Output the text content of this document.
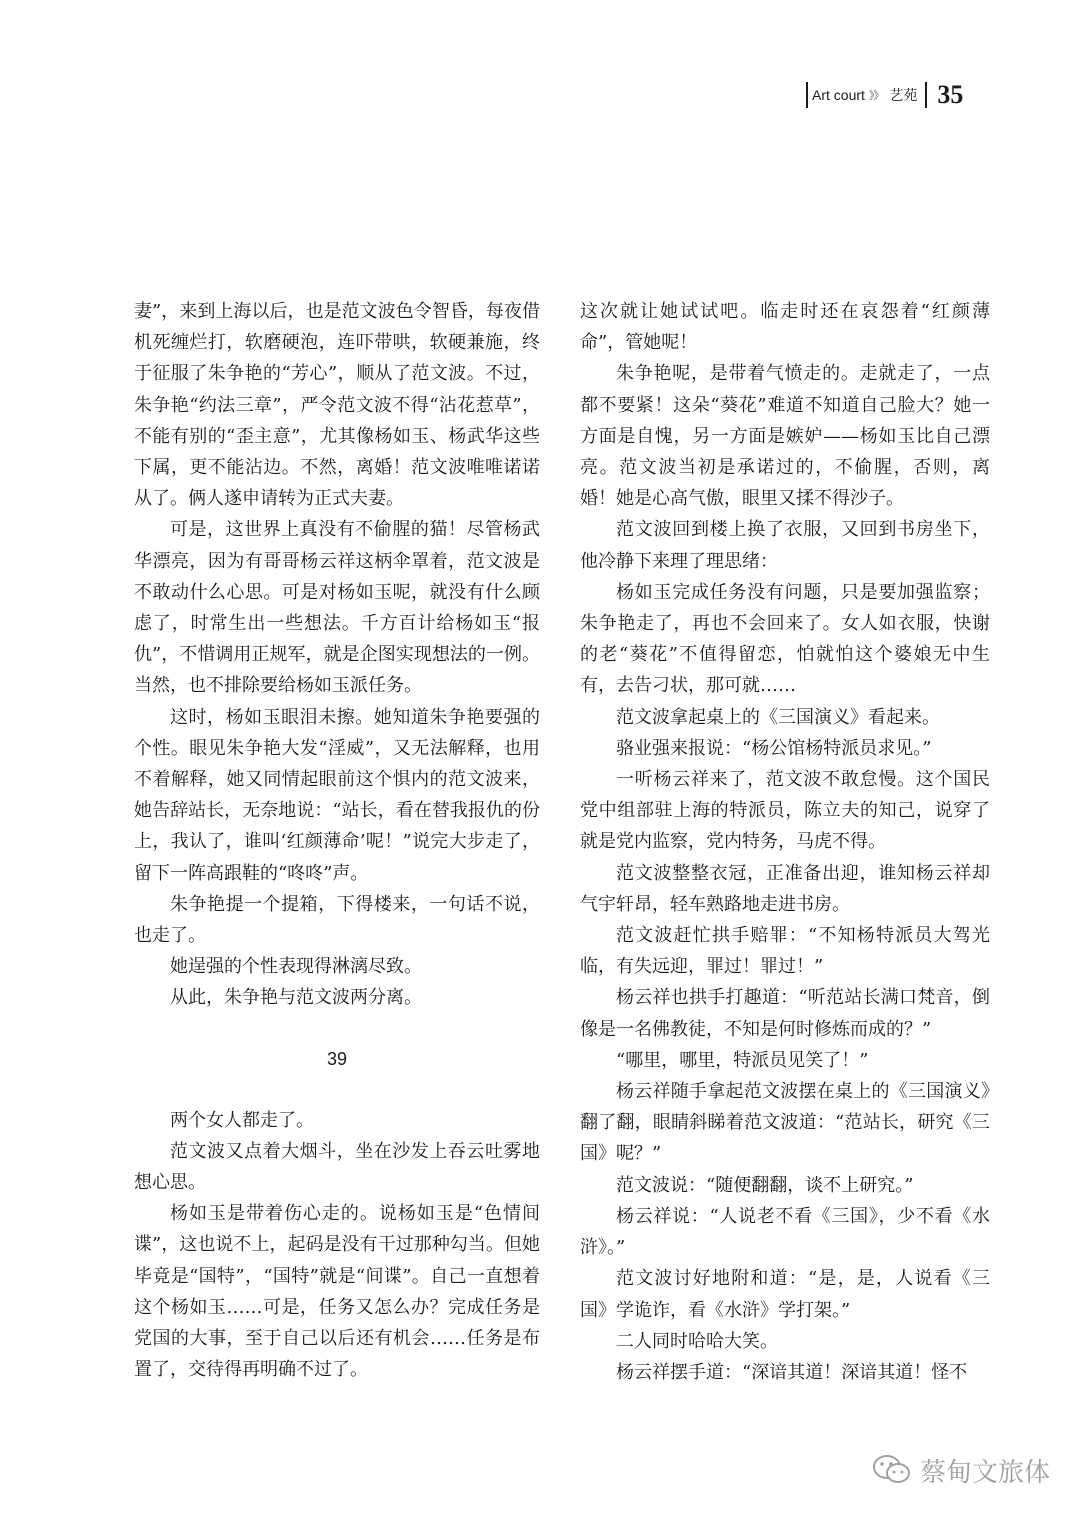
Art court 》》 艺苑 35

妻”，来到上海以后，也是范文波色令智昏，每夜借机死缠烂打，软磨硬泡，连吓带哄，软硬兼施，终于征服了朱争艳的“芳心”，顺从了范文波。不过，朱争艳“约法三章”，严令范文波不得“沾花惹草”，不能有别的“歪主意”，尤其像杨如玉、杨武华这些下属，更不能沾边。不然，离婚！范文波唯唯诺诺从了。俩人遂申请转为正式夫妻。

可是，这世界上真没有不偷腥的猫！尽管杨武华漂亮，因为有哥哥杨云祥这柄伞罩着，范文波是不敢动什么心思。可是对杨如玉呢，就没有什么顾虑了，时常生出一些想法。千方百计给杨如玉“报仇”，不惜调用正规军，就是企图实现想法的一例。当然，也不排除要给杨如玉派任务。

这时，杨如玉眼泪未擦。她知道朱争艳要强的个性。眼见朱争艳大发“淫威”，又无法解释，也用不着解释，她又同情起眼前这个惧内的范文波来，她告辞站长，无奈地说：“站长，看在替我报仇的份上，我认了，谁叫‘红颜薄命’呢！”说完大步走了，留下一阵高跟鞋的“咚咚”声。

朱争艳提一个提箱，下得楼来，一句话不说，也走了。

她逞强的个性表现得淋漓尽致。

从此，朱争艳与范文波两分离。

39

两个女人都走了。

范文波又点着大烟斗，坐在沙发上吞云吐雾地想心思。

杨如玉是带着伤心走的。说杨如玉是“色情间谍”，这也说不上，起码是没有干过那种勾当。但她毕竟是“国特”，“国特”就是“间谍”。自己一直想着这个杨如玉……可是，任务又怎么办？完成任务是党国的大事，至于自己以后还有机会……任务是布置了，交待得再明确不过了。

这次就让她试试吧。临走时还在哀怨着“红颜薄命”，管她呢！

朱争艳呢，是带着气愤走的。走就走了，一点都不要紧！这朵“葵花”难道不知道自己脸大？她一方面是自愧，另一方面是嫉妒——杨如玉比自己漂亮。范文波当初是承诺过的，不偷腥，否则，离婚！她是心高气傲，眼里又揉不得沙子。

范文波回到楼上换了衣服，又回到书房坐下，他冷静下来理了理思绪：

杨如玉完成任务没有问题，只是要加强监察；朱争艳走了，再也不会回来了。女人如衣服，快谢的老“葵花”不值得留恋，怕就怕这个婆娘无中生有，去告刁状，那可就……

范文波拿起桌上的《三国演义》看起来。

骆业强来报说：“杨公馆杨特派员求见。”

一听杨云祥来了，范文波不敢怠慢。这个国民党中组部驻上海的特派员，陈立夫的知己，说穿了就是党内监察，党内特务，马虎不得。

范文波整整衣冠，正准备出迎，谁知杨云祥却气宇轩昂，轻车熟路地走进书房。

范文波赶忙拱手赔罪：“不知杨特派员大驾光临，有失远迎，罪过！罪过！”

杨云祥也拱手打趣道：“听范站长满口梵音，倒像是一名佛教徒，不知是何时修炼而成的？”

“哪里，哪里，特派员见笑了！”

杨云祥随手拿起范文波摆在桌上的《三国演义》翻了翻，眼睛斜睇着范文波道：“范站长，研究《三国》呢？”

范文波说：“随便翻翻，谈不上研究。”

杨云祥说：“人说老不看《三国》，少不看《水浒》。”

范文波讨好地附和道：“是，是，人说看《三国》学诡诈，看《水浒》学打架。”

二人同时哈哈大笑。

杨云祥摆手道：“深谙其道！深谙其道！怪不

蔡甸文旅体
